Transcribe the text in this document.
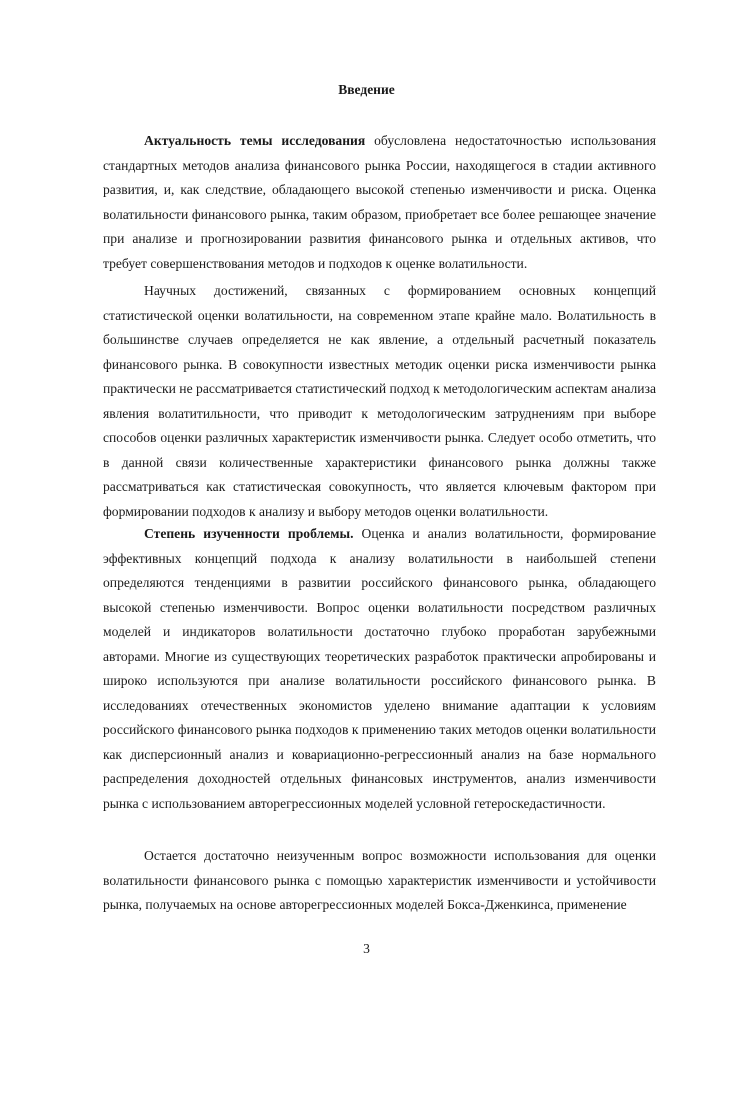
Введение

Актуальность темы исследования обусловлена недостаточностью использования стандартных методов анализа финансового рынка России, находящегося в стадии активного развития, и, как следствие, обладающего высокой степенью изменчивости и риска. Оценка волатильности финансового рынка, таким образом, приобретает все более решающее значение при анализе и прогнозировании развития финансового рынка и отдельных активов, что требует совершенствования методов и подходов к оценке волатильности.

Научных достижений, связанных с формированием основных концепций статистической оценки волатильности, на современном этапе крайне мало. Волатильность в большинстве случаев определяется не как явление, а отдельный расчетный показатель финансового рынка. В совокупности известных методик оценки риска изменчивости рынка практически не рассматривается статистический подход к методологическим аспектам анализа явления волатитильности, что приводит к методологическим затруднениям при выборе способов оценки различных характеристик изменчивости рынка. Следует особо отметить, что в данной связи количественные характеристики финансового рынка должны также рассматриваться как статистическая совокупность, что является ключевым фактором при формировании подходов к анализу и выбору методов оценки волатильности.

Степень изученности проблемы. Оценка и анализ волатильности, формирование эффективных концепций подхода к анализу волатильности в наибольшей степени определяются тенденциями в развитии российского финансового рынка, обладающего высокой степенью изменчивости. Вопрос оценки волатильности посредством различных моделей и индикаторов волатильности достаточно глубоко проработан зарубежными авторами. Многие из существующих теоретических разработок практически апробированы и широко используются при анализе волатильности российского финансового рынка. В исследованиях отечественных экономистов уделено внимание адаптации к условиям российского финансового рынка подходов к применению таких методов оценки волатильности как дисперсионный анализ и ковариационно-регрессионный анализ на базе нормального распределения доходностей отдельных финансовых инструментов, анализ изменчивости рынка с использованием авторегрессионных моделей условной гетероскедастичности.

Остается достаточно неизученным вопрос возможности использования для оценки волатильности финансового рынка с помощью характеристик изменчивости и устойчивости рынка, получаемых на основе авторегрессионных моделей Бокса-Дженкинса, применение

3
